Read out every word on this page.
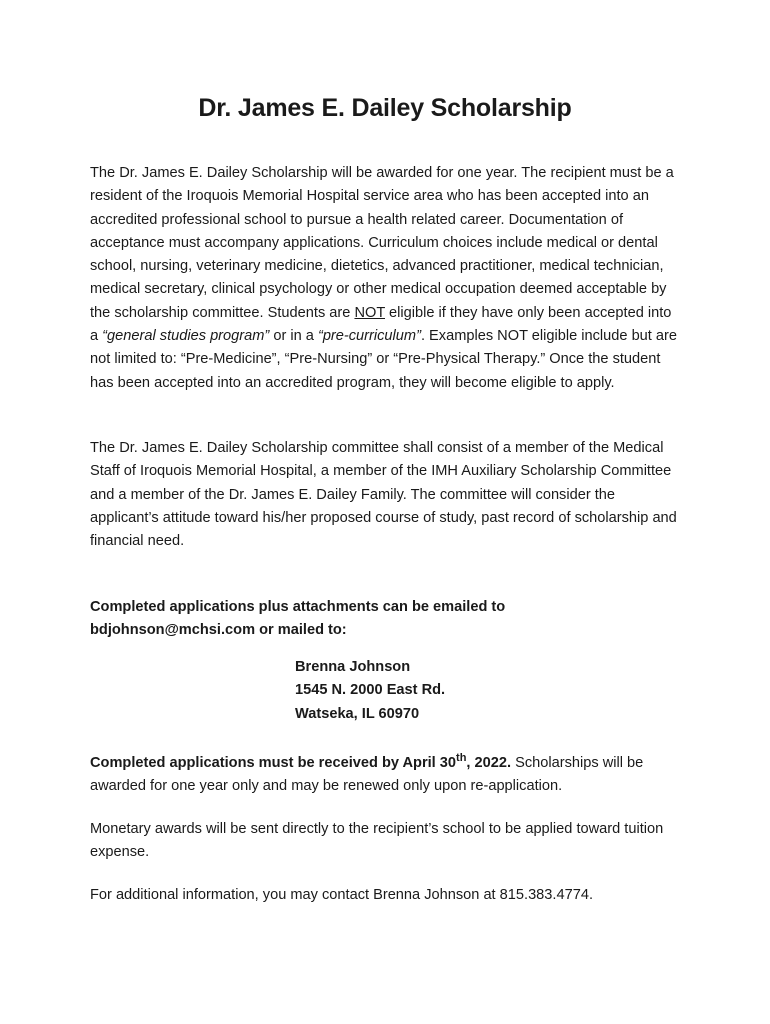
Dr. James E. Dailey Scholarship

The Dr. James E. Dailey Scholarship will be awarded for one year. The recipient must be a resident of the Iroquois Memorial Hospital service area who has been accepted into an accredited professional school to pursue a health related career. Documentation of acceptance must accompany applications. Curriculum choices include medical or dental school, nursing, veterinary medicine, dietetics, advanced practitioner, medical technician, medical secretary, clinical psychology or other medical occupation deemed acceptable by the scholarship committee. Students are NOT eligible if they have only been accepted into a “general studies program” or in a “pre-curriculum”. Examples NOT eligible include but are not limited to: “Pre-Medicine”, “Pre-Nursing” or “Pre-Physical Therapy.” Once the student has been accepted into an accredited program, they will become eligible to apply.

The Dr. James E. Dailey Scholarship committee shall consist of a member of the Medical Staff of Iroquois Memorial Hospital, a member of the IMH Auxiliary Scholarship Committee and a member of the Dr. James E. Dailey Family. The committee will consider the applicant’s attitude toward his/her proposed course of study, past record of scholarship and financial need.

Completed applications plus attachments can be emailed to
bdjohnson@mchsi.com or mailed to:

Brenna Johnson
1545 N. 2000 East Rd.
Watseka, IL 60970

Completed applications must be received by April 30th, 2022. Scholarships will be awarded for one year only and may be renewed only upon re-application.

Monetary awards will be sent directly to the recipient’s school to be applied toward tuition expense.

For additional information, you may contact Brenna Johnson at 815.383.4774.
